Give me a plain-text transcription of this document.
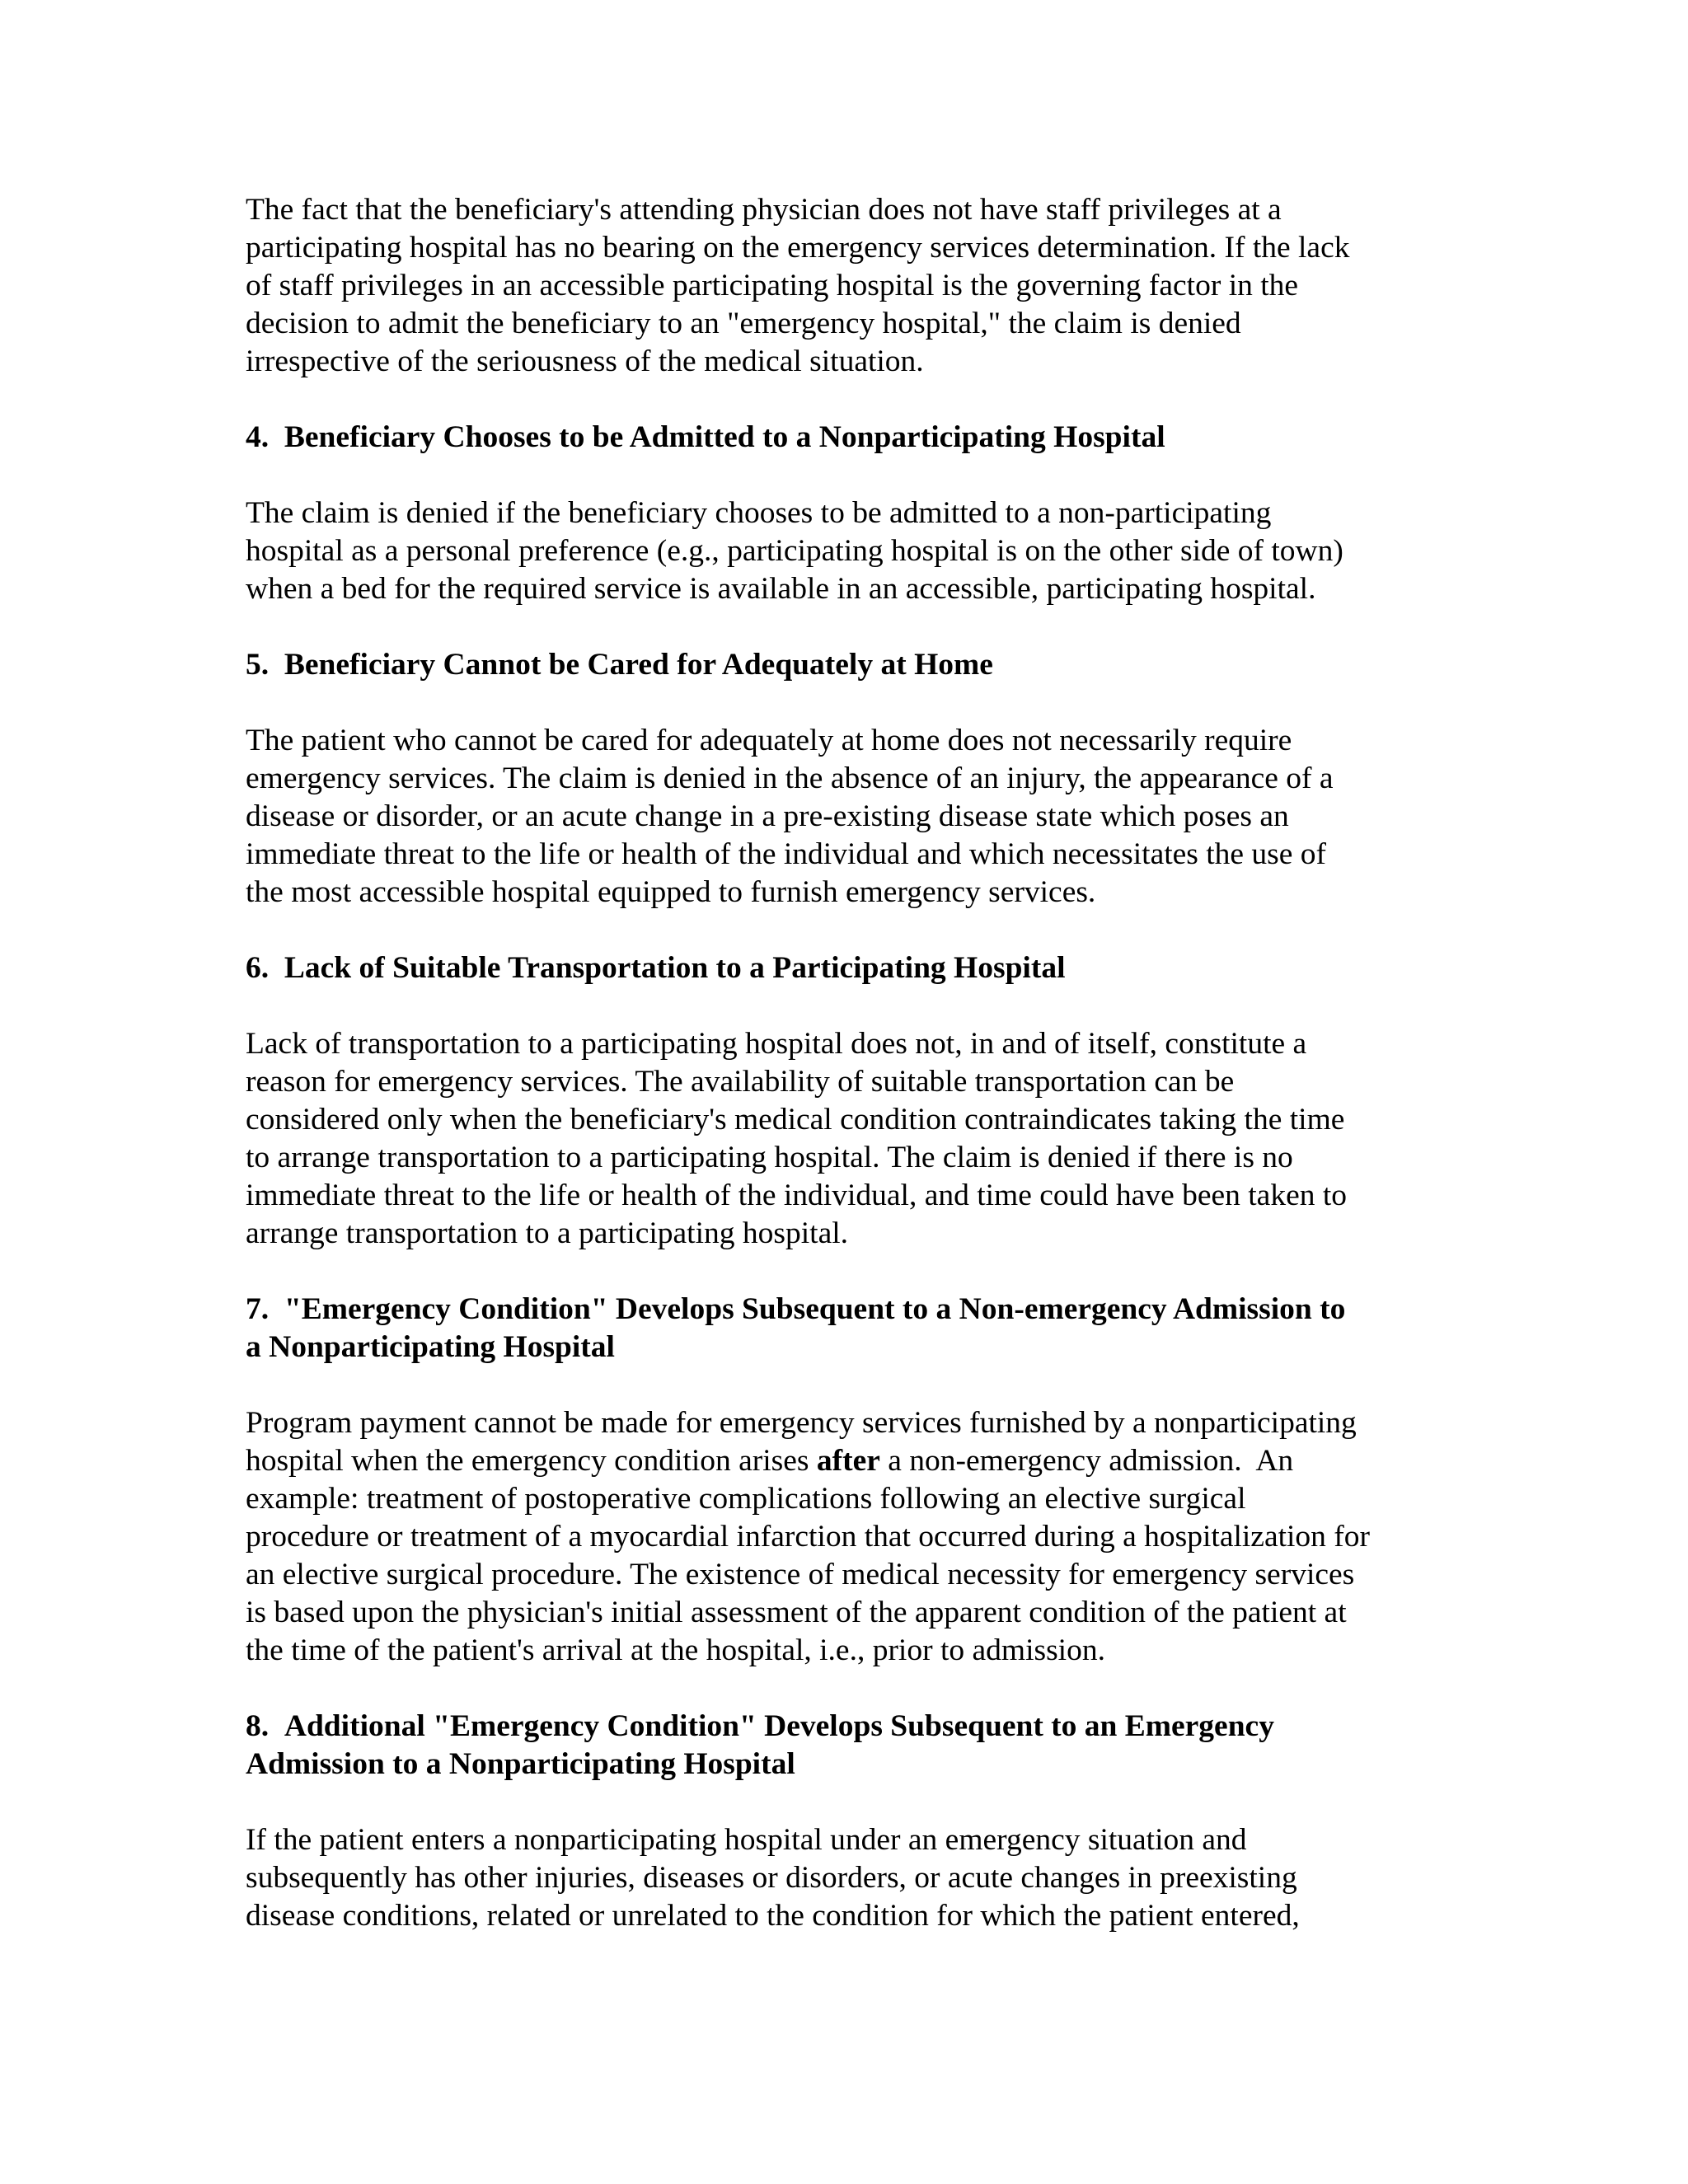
The fact that the beneficiary's attending physician does not have staff privileges at a
participating hospital has no bearing on the emergency services determination. If the lack
of staff privileges in an accessible participating hospital is the governing factor in the
decision to admit the beneficiary to an "emergency hospital," the claim is denied
irrespective of the seriousness of the medical situation.
4. Beneficiary Chooses to be Admitted to a Nonparticipating Hospital
The claim is denied if the beneficiary chooses to be admitted to a non-participating
hospital as a personal preference (e.g., participating hospital is on the other side of town)
when a bed for the required service is available in an accessible, participating hospital.
5. Beneficiary Cannot be Cared for Adequately at Home
The patient who cannot be cared for adequately at home does not necessarily require
emergency services. The claim is denied in the absence of an injury, the appearance of a
disease or disorder, or an acute change in a pre-existing disease state which poses an
immediate threat to the life or health of the individual and which necessitates the use of
the most accessible hospital equipped to furnish emergency services.
6. Lack of Suitable Transportation to a Participating Hospital
Lack of transportation to a participating hospital does not, in and of itself, constitute a
reason for emergency services. The availability of suitable transportation can be
considered only when the beneficiary's medical condition contraindicates taking the time
to arrange transportation to a participating hospital. The claim is denied if there is no
immediate threat to the life or health of the individual, and time could have been taken to
arrange transportation to a participating hospital.
7. "Emergency Condition" Develops Subsequent to a Non-emergency Admission to
a Nonparticipating Hospital
Program payment cannot be made for emergency services furnished by a nonparticipating
hospital when the emergency condition arises after a non-emergency admission.  An
example: treatment of postoperative complications following an elective surgical
procedure or treatment of a myocardial infarction that occurred during a hospitalization for
an elective surgical procedure. The existence of medical necessity for emergency services
is based upon the physician's initial assessment of the apparent condition of the patient at
the time of the patient's arrival at the hospital, i.e., prior to admission.
8. Additional "Emergency Condition" Develops Subsequent to an Emergency
Admission to a Nonparticipating Hospital
If the patient enters a nonparticipating hospital under an emergency situation and
subsequently has other injuries, diseases or disorders, or acute changes in preexisting
disease conditions, related or unrelated to the condition for which the patient entered,
